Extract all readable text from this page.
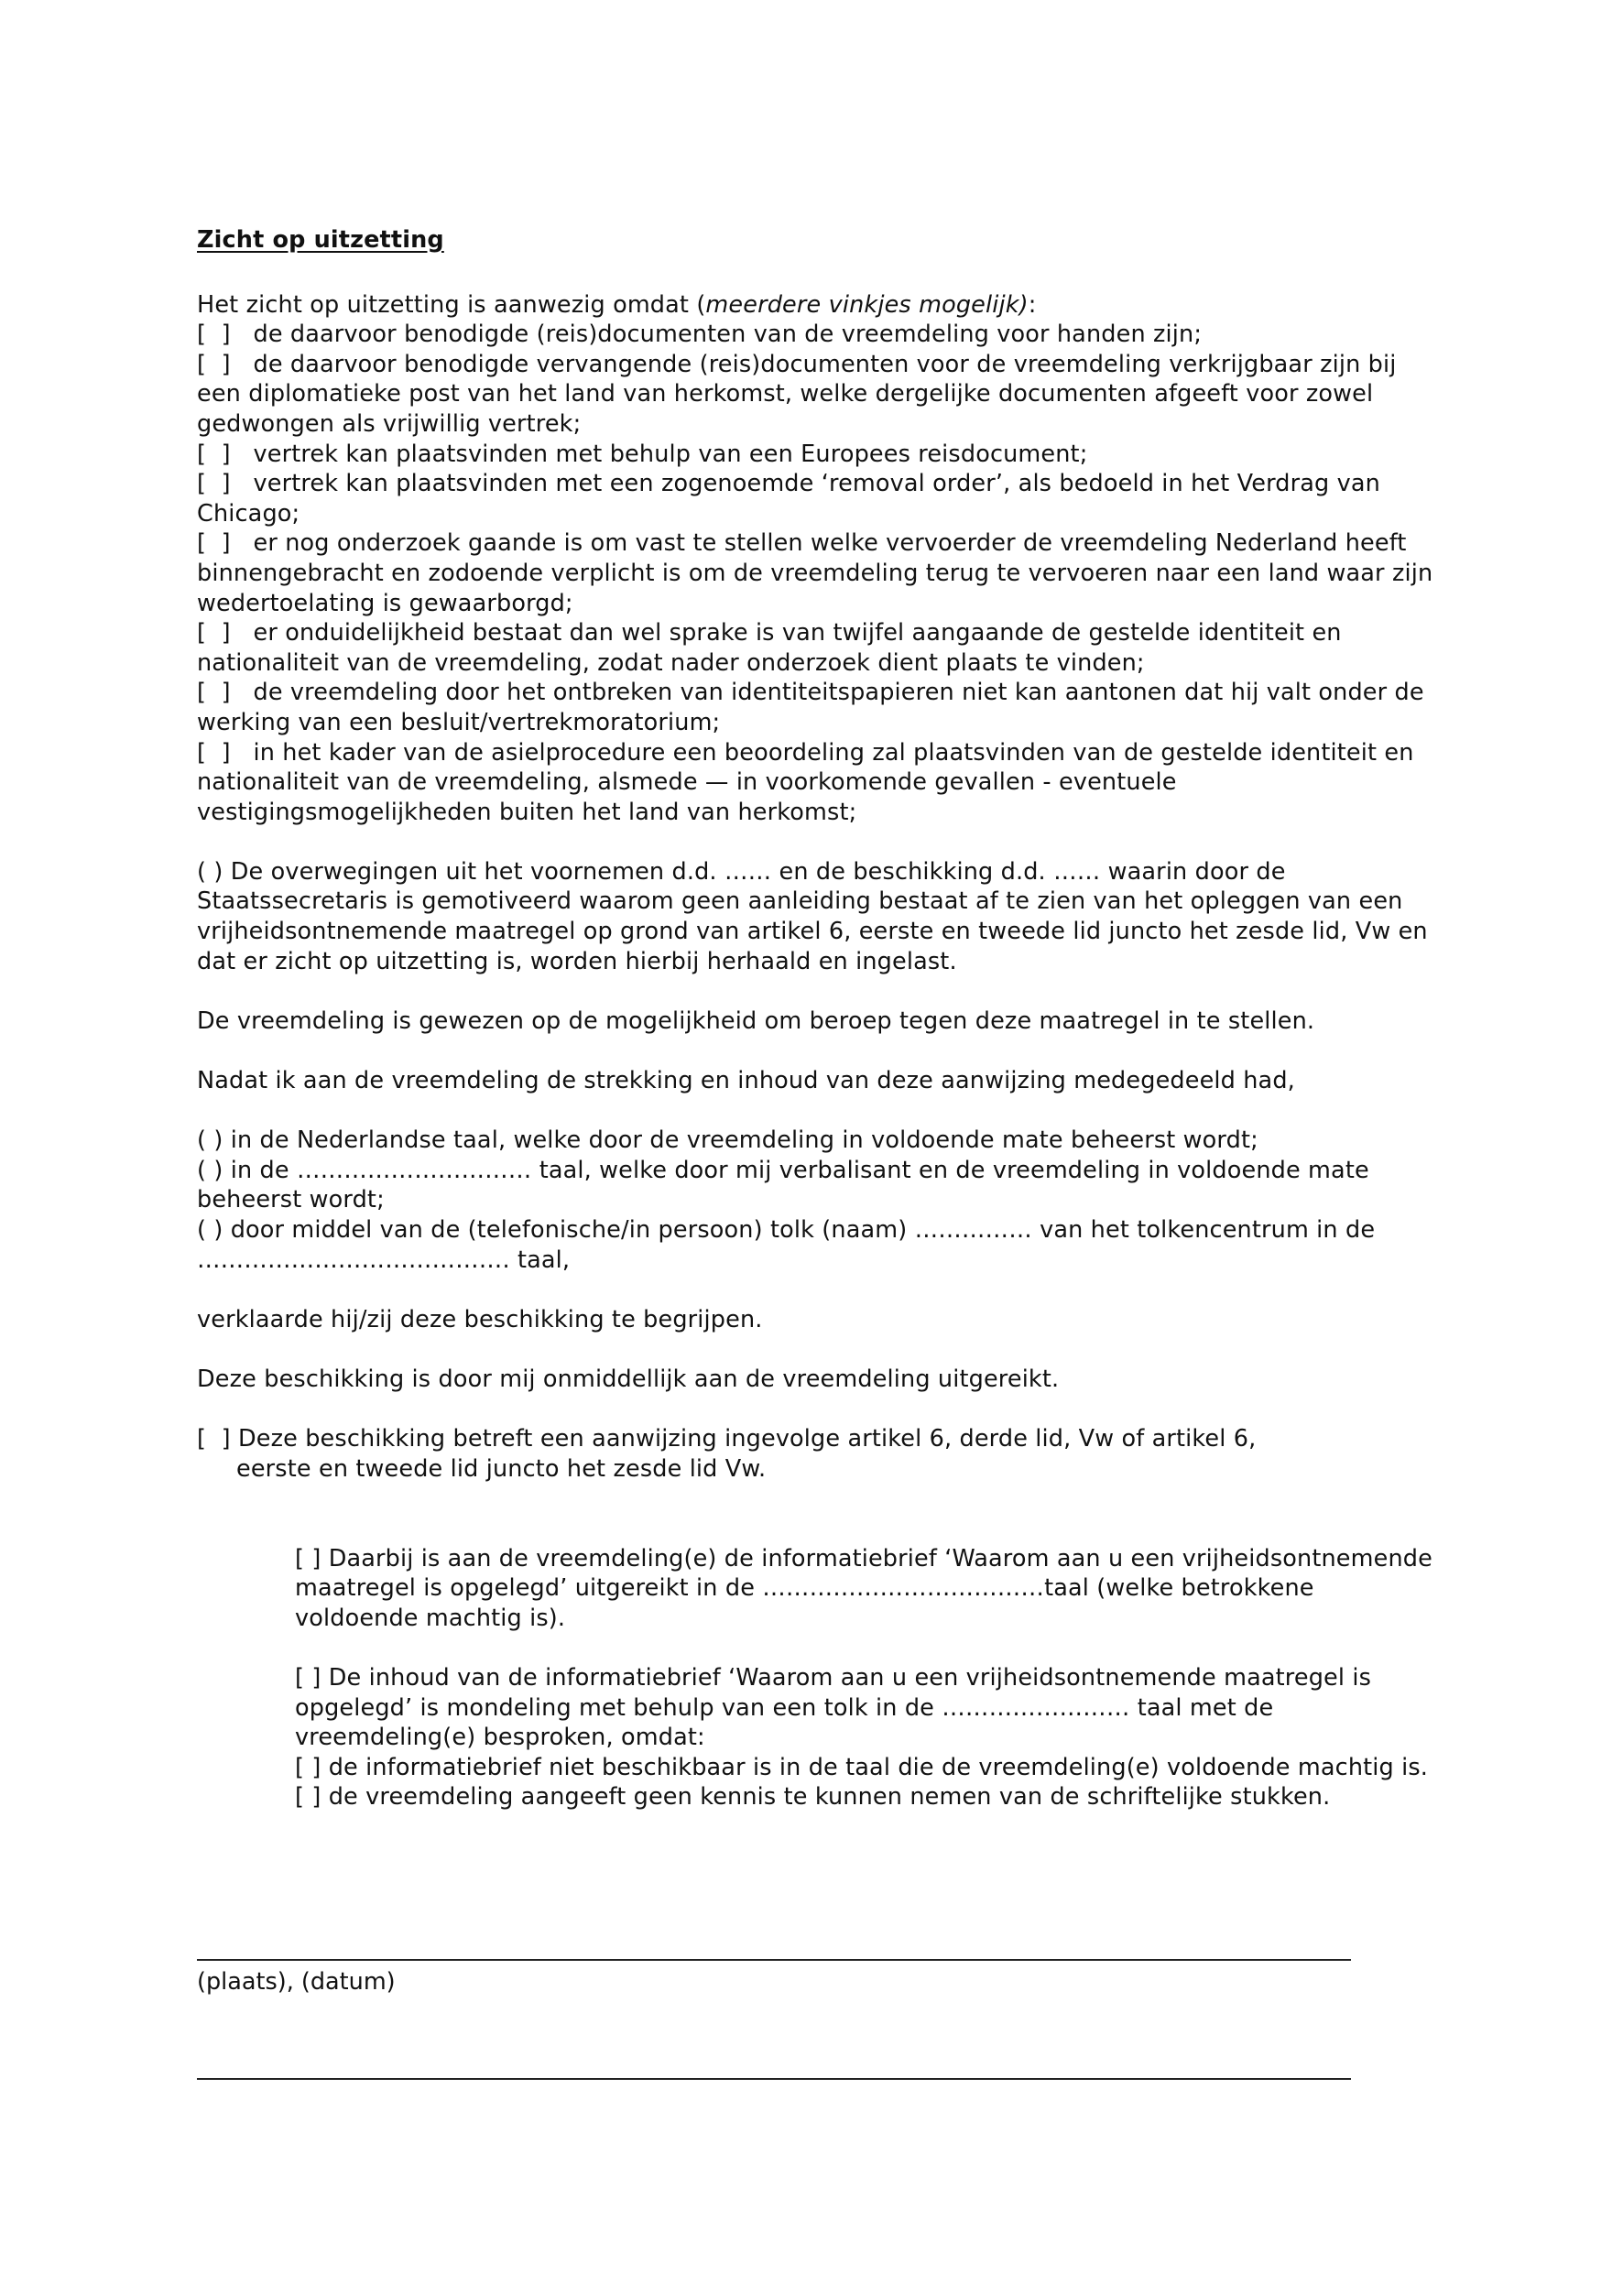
Zicht op uitzetting

Het zicht op uitzetting is aanwezig omdat (meerdere vinkjes mogelijk):

[  ]   de daarvoor benodigde (reis)documenten van de vreemdeling voor handen zijn;

[  ]   de daarvoor benodigde vervangende (reis)documenten voor de vreemdeling verkrijgbaar zijn bij een diplomatieke post van het land van herkomst, welke dergelijke documenten afgeeft voor zowel gedwongen als vrijwillig vertrek;

[  ]   vertrek kan plaatsvinden met behulp van een Europees reisdocument;

[  ]   vertrek kan plaatsvinden met een zogenoemde ‘removal order’, als bedoeld in het Verdrag van Chicago;

[  ]   er nog onderzoek gaande is om vast te stellen welke vervoerder de vreemdeling Nederland heeft binnengebracht en zodoende verplicht is om de vreemdeling terug te vervoeren naar een land waar zijn wedertoelating is gewaarborgd;

[  ]   er onduidelijkheid bestaat dan wel sprake is van twijfel aangaande de gestelde identiteit en nationaliteit van de vreemdeling, zodat nader onderzoek dient plaats te vinden;

[  ]   de vreemdeling door het ontbreken van identiteitspapieren niet kan aantonen dat hij valt onder de werking van een besluit/vertrekmoratorium;

[  ]   in het kader van de asielprocedure een beoordeling zal plaatsvinden van de gestelde identiteit en nationaliteit van de vreemdeling, alsmede — in voorkomende gevallen - eventuele vestigingsmogelijkheden buiten het land van herkomst;

( ) De overwegingen uit het voornemen d.d. …… en de beschikking d.d. …… waarin door de Staatssecretaris is gemotiveerd waarom geen aanleiding bestaat af te zien van het opleggen van een vrijheidsontnemende maatregel op grond van artikel 6, eerste en tweede lid juncto het zesde lid, Vw en dat er zicht op uitzetting is, worden hierbij herhaald en ingelast.

De vreemdeling is gewezen op de mogelijkheid om beroep tegen deze maatregel in te stellen.

Nadat ik aan de vreemdeling de strekking en inhoud van deze aanwijzing medegedeeld had,

( ) in de Nederlandse taal, welke door de vreemdeling in voldoende mate beheerst wordt;

( ) in de ………………………… taal, welke door mij verbalisant en de vreemdeling in voldoende mate beheerst wordt;

( ) door middel van de (telefonische/in persoon) tolk (naam) …………… van het tolkencentrum in de …………………………………. taal,

verklaarde hij/zij deze beschikking te begrijpen.

Deze beschikking is door mij onmiddellijk aan de vreemdeling uitgereikt.

[  ] Deze beschikking betreft een aanwijzing ingevolge artikel 6, derde lid, Vw of artikel 6,

eerste en tweede lid juncto het zesde lid Vw.

[ ] Daarbij is aan de vreemdeling(e) de informatiebrief ‘Waarom aan u een vrijheidsontnemende maatregel is opgelegd’ uitgereikt in de ………………………………taal (welke betrokkene voldoende machtig is).

[ ] De inhoud van de informatiebrief ‘Waarom aan u een vrijheidsontnemende maatregel is opgelegd’ is mondeling met behulp van een tolk in de …………………… taal met de vreemdeling(e) besproken, omdat:

[ ] de informatiebrief niet beschikbaar is in de taal die de vreemdeling(e) voldoende machtig is.

[ ] de vreemdeling aangeeft geen kennis te kunnen nemen van de schriftelijke stukken.

(plaats), (datum)
